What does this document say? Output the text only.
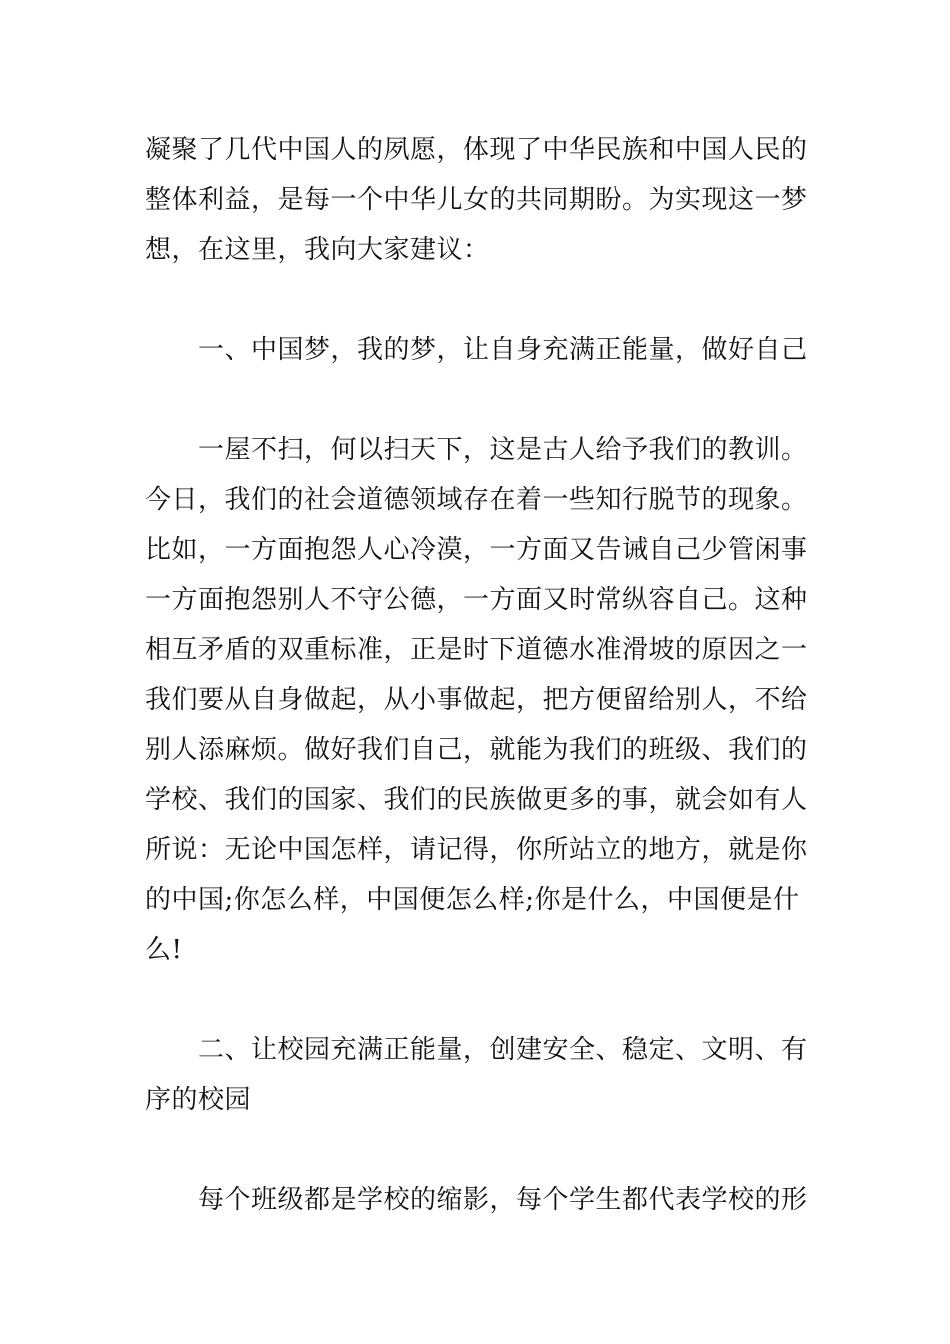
凝聚了几代中国人的夙愿，体现了中华民族和中国人民的

整体利益，是每一个中华儿女的共同期盼。为实现这一梦

想，在这里，我向大家建议：

一、中国梦，我的梦，让自身充满正能量，做好自己

一屋不扫，何以扫天下，这是古人给予我们的教训。

今日，我们的社会道德领域存在着一些知行脱节的现象。

比如，一方面抱怨人心冷漠，一方面又告诫自己少管闲事

一方面抱怨别人不守公德，一方面又时常纵容自己。这种

相互矛盾的双重标准，正是时下道德水准滑坡的原因之一

我们要从自身做起，从小事做起，把方便留给别人，不给

别人添麻烦。做好我们自己，就能为我们的班级、我们的

学校、我们的国家、我们的民族做更多的事，就会如有人

所说：无论中国怎样，请记得，你所站立的地方，就是你

的中国;你怎么样，中国便怎么样;你是什么，中国便是什

么!

二、让校园充满正能量，创建安全、稳定、文明、有

序的校园

每个班级都是学校的缩影，每个学生都代表学校的形
